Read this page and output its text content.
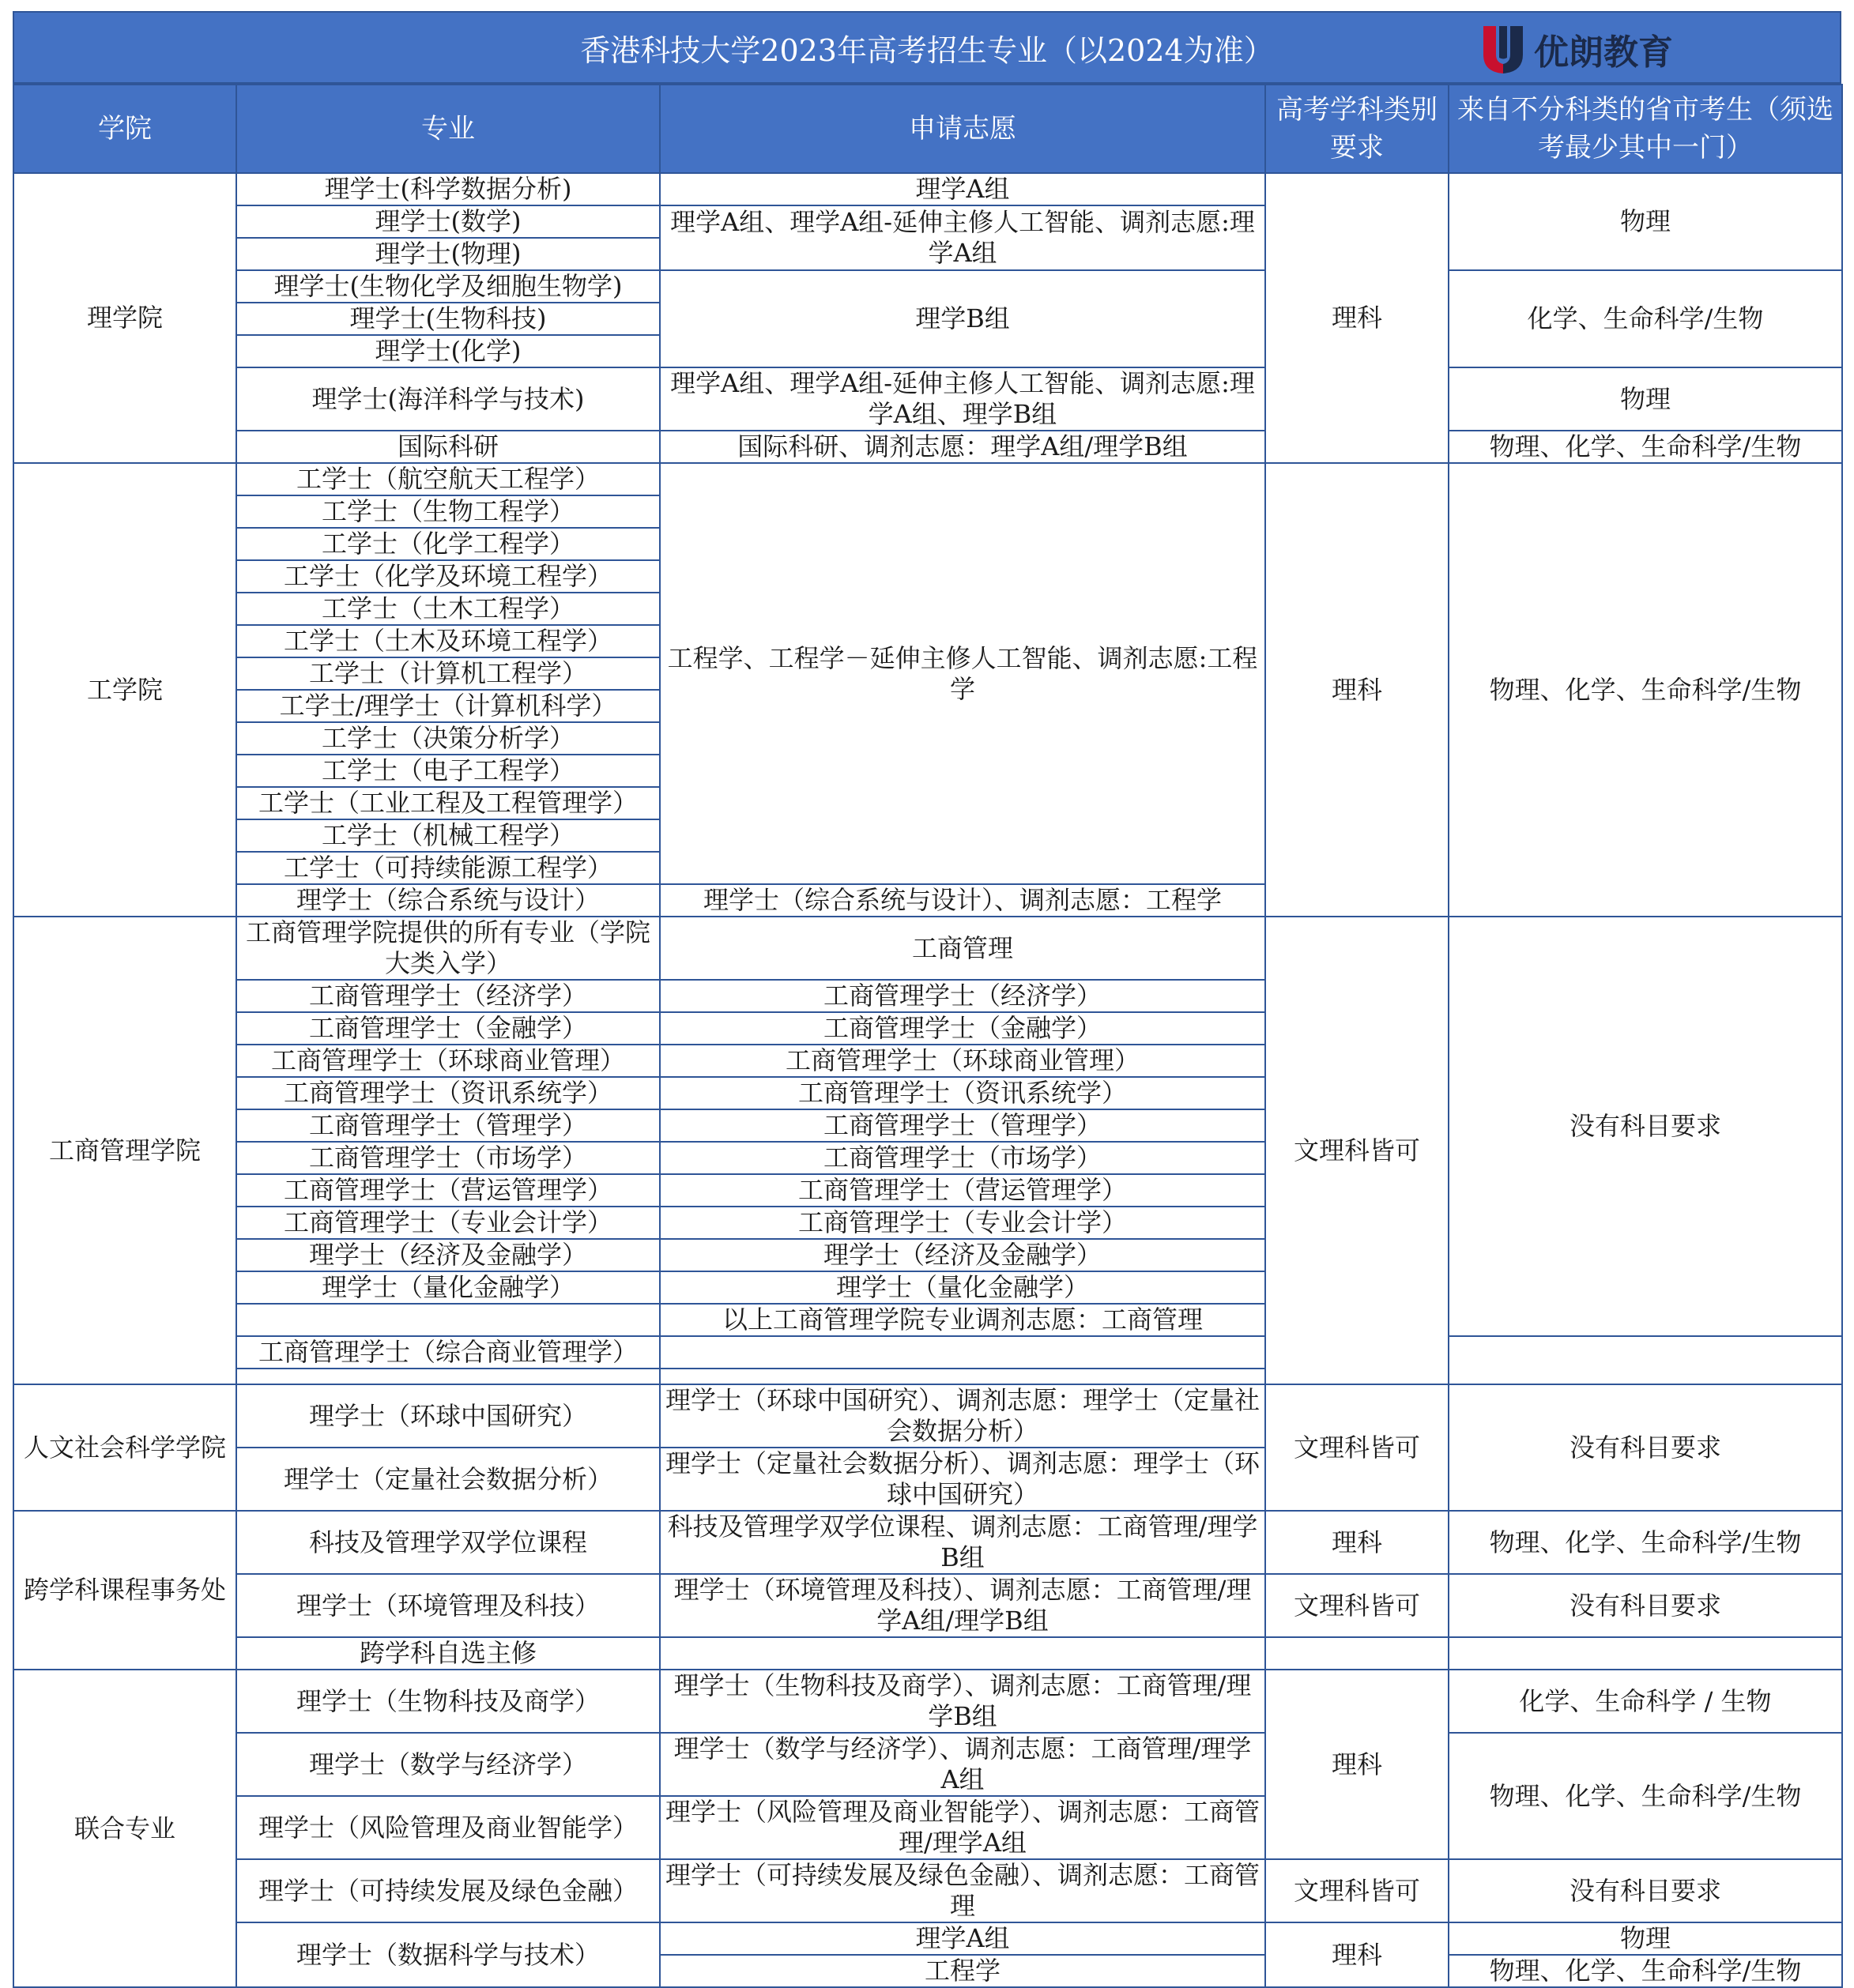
香港科技大学2023年高考招生专业（以2024为准）	优朗教育
学院	专业	申请志愿	高考学科类别要求	来自不分科类的省市考生（须选考最少其中一门）
理学院	理学士(科学数据分析)	理学A组	理科	物理
	理学士(数学)	理学A组、理学A组-延伸主修人工智能、调剂志愿:理学A组		
	理学士(物理)			
	理学士(生物化学及细胞生物学)	理学B组		化学、生命科学/生物
	理学士(生物科技)			
	理学士(化学)			
	理学士(海洋科学与技术)	理学A组、理学A组-延伸主修人工智能、调剂志愿:理学A组、理学B组		物理

	国际科研	国际科研、调剂志愿：理学A组/理学B组		物理、化学、生命科学/生物
工学院	工学士（航空航天工程学）	工程学、工程学－延伸主修人工智能、调剂志愿:工程学	理科	物理、化学、生命科学/生物
	工学士（生物工程学）			
	工学士（化学工程学）			
	工学士（化学及环境工程学）			
	工学士（土木工程学）			
	工学士（土木及环境工程学）			
	工学士（计算机工程学）			
	工学士/理学士（计算机科学）			
	工学士（决策分析学）			
	工学士（电子工程学）			
	工学士（工业工程及工程管理学）			
	工学士（机械工程学）			
	工学士（可持续能源工程学）			
	理学士（综合系统与设计）	理学士（综合系统与设计）、调剂志愿：工程学		
工商管理学院	工商管理学院提供的所有专业（学院大类入学）	工商管理	文理科皆可	没有科目要求

	工商管理学士（经济学）	工商管理学士（经济学）		
	工商管理学士（金融学）	工商管理学士（金融学）		
	工商管理学士（环球商业管理）	工商管理学士（环球商业管理）		
	工商管理学士（资讯系统学）	工商管理学士（资讯系统学）		
	工商管理学士（管理学）	工商管理学士（管理学）		
	工商管理学士（市场学）	工商管理学士（市场学）		
	工商管理学士（营运管理学）	工商管理学士（营运管理学）		
	工商管理学士（专业会计学）	工商管理学士（专业会计学）		
	理学士（经济及金融学）	理学士（经济及金融学）		
	理学士（量化金融学）	理学士（量化金融学）		
		以上工商管理学院专业调剂志愿：工商管理		
	工商管理学士（综合商业管理学）			

人文社会科学学院	理学士（环球中国研究）	理学士（环球中国研究）、调剂志愿：理学士（定量社会数据分析）	文理科皆可	没有科目要求
	理学士（定量社会数据分析）	理学士（定量社会数据分析）、调剂志愿：理学士（环球中国研究）		
跨学科课程事务处	科技及管理学双学位课程	科技及管理学双学位课程、调剂志愿：工商管理/理学B组	理科	物理、化学、生命科学/生物
	理学士（环境管理及科技）	理学士（环境管理及科技）、调剂志愿：工商管理/理学A组/理学B组	文理科皆可	没有科目要求
	跨学科自选主修			
联合专业	理学士（生物科技及商学）	理学士（生物科技及商学）、调剂志愿：工商管理/理学B组	理科	化学、生命科学 / 生物
	理学士（数学与经济学）	理学士（数学与经济学）、调剂志愿：工商管理/理学A组		物理、化学、生命科学/生物
	理学士（风险管理及商业智能学）	理学士（风险管理及商业智能学）、调剂志愿：工商管理/理学A组		
	理学士（可持续发展及绿色金融）	理学士（可持续发展及绿色金融）、调剂志愿：工商管理	文理科皆可	没有科目要求
	理学士（数据科学与技术）	理学A组	理科	物理
		工程学		物理、化学、生命科学/生物
